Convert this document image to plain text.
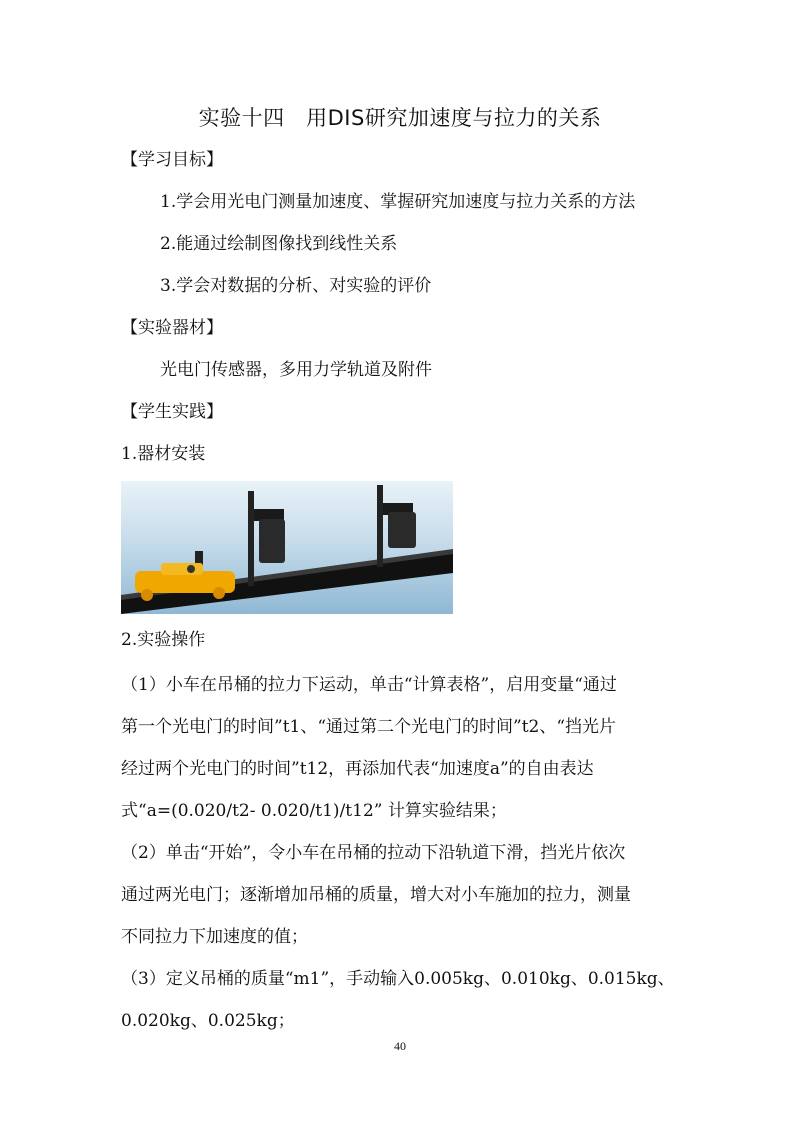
实验十四　用DIS研究加速度与拉力的关系
【学习目标】
1.学会用光电门测量加速度、掌握研究加速度与拉力关系的方法
2.能通过绘制图像找到线性关系
3.学会对数据的分析、对实验的评价
【实验器材】
光电门传感器，多用力学轨道及附件
【学生实践】
1.器材安装
2.实验操作
（1）小车在吊桶的拉力下运动，单击“计算表格”，启用变量“通过
第一个光电门的时间”t1、“通过第二个光电门的时间”t2、“挡光片
经过两个光电门的时间”t12，再添加代表“加速度a”的自由表达
式“a=(0.020/t2- 0.020/t1)/t12” 计算实验结果；
（2）单击“开始”，令小车在吊桶的拉动下沿轨道下滑，挡光片依次
通过两光电门；逐渐增加吊桶的质量，增大对小车施加的拉力，测量
不同拉力下加速度的值；
（3）定义吊桶的质量“m1”，手动输入0.005kg、0.010kg、0.015kg、
0.020kg、0.025kg；
40
